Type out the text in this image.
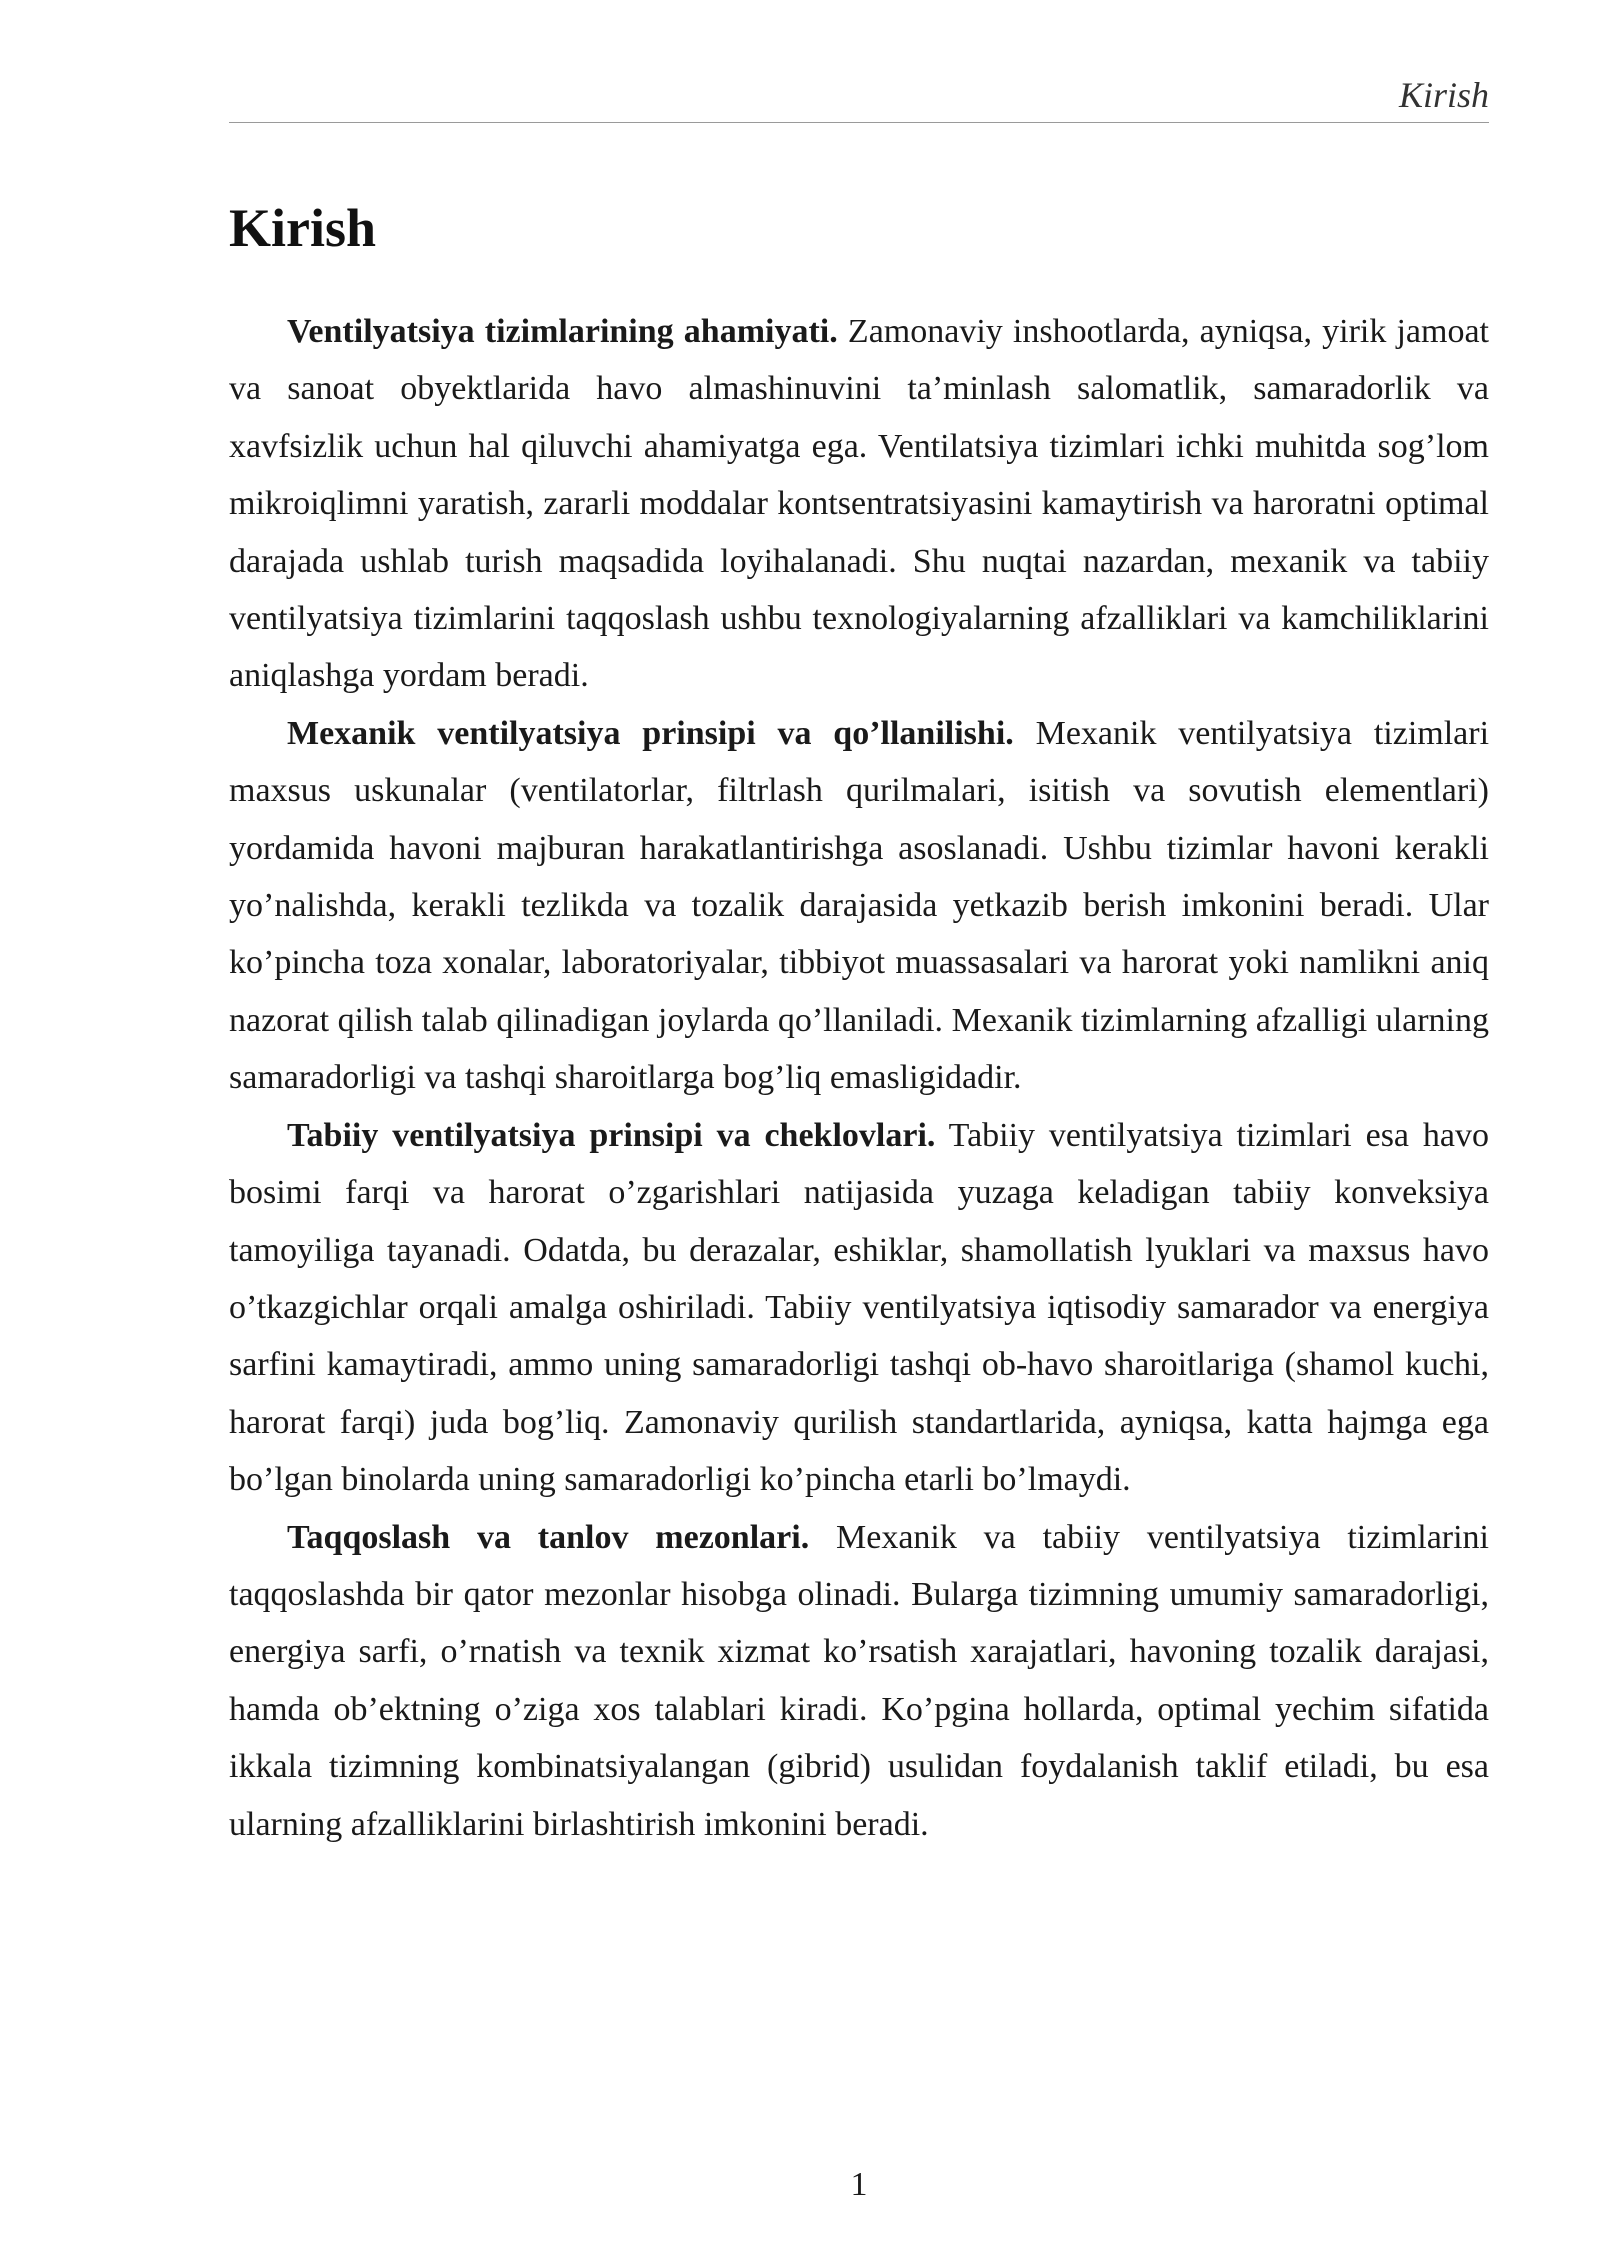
Kirish
Kirish

Ventilyatsiya tizimlarining ahamiyati. Zamonaviy inshootlarda, ayniqsa, yirik jamoat va sanoat obyektlarida havo almashinuvini ta’minlash salomatlik, samaradorlik va xavfsizlik uchun hal qiluvchi ahamiyatga ega. Ventilatsiya tizimlari ichki muhitda sog’lom mikroiqlimni yaratish, zararli moddalar kontsentratsiyasini kamaytirish va haroratni optimal darajada ushlab turish maqsadida loyihalanadi. Shu nuqtai nazardan, mexanik va tabiiy ventilyatsiya tizimlarini taqqoslash ushbu texnologiyalarning afzalliklari va kamchiliklarini aniqlashga yordam beradi.

Mexanik ventilyatsiya prinsipi va qo’llanilishi. Mexanik ventilyatsiya tizimlari maxsus uskunalar (ventilatorlar, filtrlash qurilmalari, isitish va sovutish elementlari) yordamida havoni majburan harakatlantirishga asoslanadi. Ushbu tizimlar havoni kerakli yo’nalishda, kerakli tezlikda va tozalik darajasida yetkazib berish imkonini beradi. Ular ko’pincha toza xonalar, laboratoriyalar, tibbiyot muassasalari va harorat yoki namlikni aniq nazorat qilish talab qilinadigan joylarda qo’llaniladi. Mexanik tizimlarning afzalligi ularning samaradorligi va tashqi sharoitlarga bog’liq emasligidadir.

Tabiiy ventilyatsiya prinsipi va cheklovlari. Tabiiy ventilyatsiya tizimlari esa havo bosimi farqi va harorat o’zgarishlari natijasida yuzaga keladigan tabiiy konveksiya tamoyiliga tayanadi. Odatda, bu derazalar, eshiklar, shamollatish lyuklari va maxsus havo o’tkazgichlar orqali amalga oshiriladi. Tabiiy ventilyatsiya iqtisodiy samarador va energiya sarfini kamaytiradi, ammo uning samaradorligi tashqi ob-havo sharoitlariga (shamol kuchi, harorat farqi) juda bog’liq. Zamonaviy qurilish standartlarida, ayniqsa, katta hajmga ega bo’lgan binolarda uning samaradorligi ko’pincha etarli bo’lmaydi.

Taqqoslash va tanlov mezonlari. Mexanik va tabiiy ventilyatsiya tizimlarini taqqoslashda bir qator mezonlar hisobga olinadi. Bularga tizimning umumiy samaradorligi, energiya sarfi, o’rnatish va texnik xizmat ko’rsatish xarajatlari, havoning tozalik darajasi, hamda ob’ektning o’ziga xos talablari kiradi. Ko’pgina hollarda, optimal yechim sifatida ikkala tizimning kombinatsiyalangan (gibrid) usulidan foydalanish taklif etiladi, bu esa ularning afzalliklarini birlashtirish imkonini beradi.

1
